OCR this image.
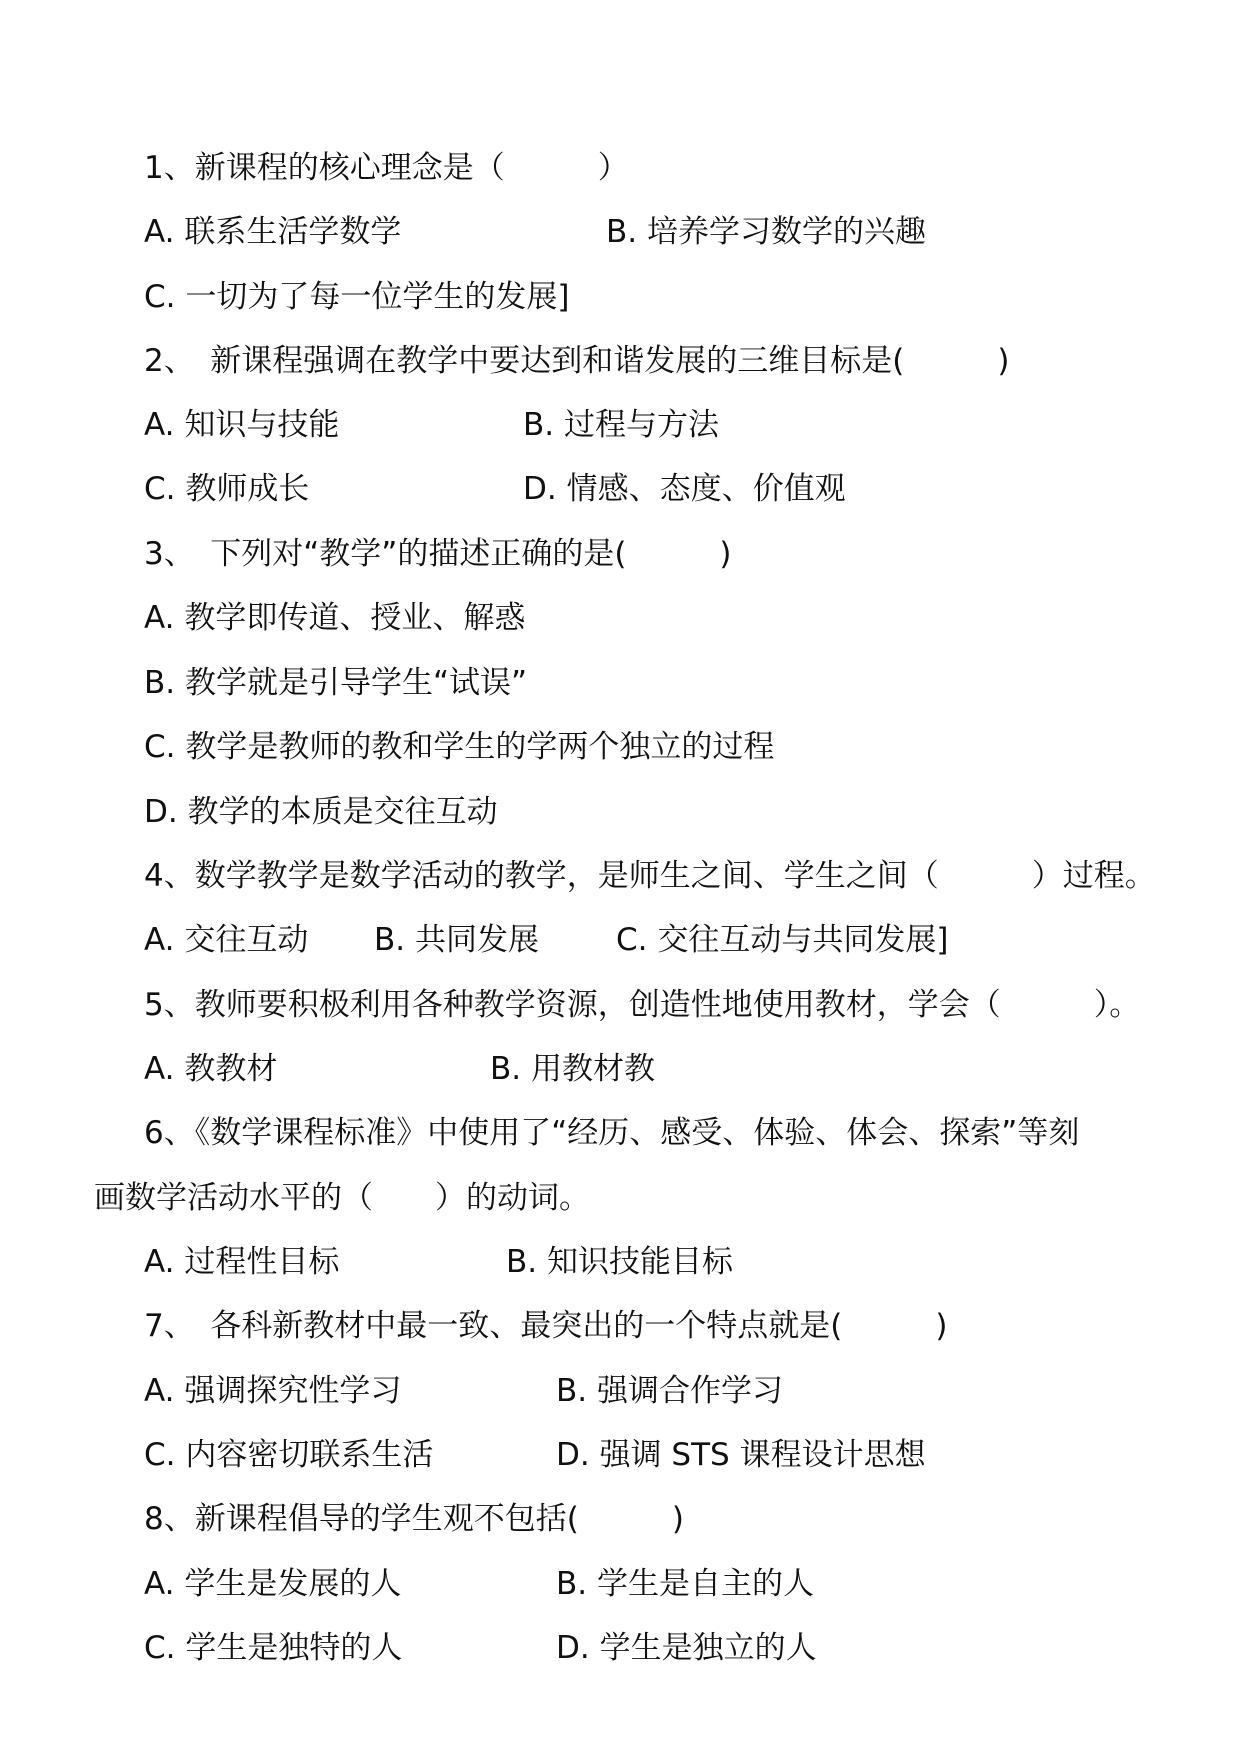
1、新课程的核心理念是（　　　）
A. 联系生活学数学	B. 培养学习数学的兴趣
C. 一切为了每一位学生的发展]
2、　新课程强调在教学中要达到和谐发展的三维目标是(　　　)
A. 知识与技能	B. 过程与方法
C. 教师成长	D. 情感、态度、价值观
3、　下列对“教学”的描述正确的是(　　　)
A. 教学即传道、授业、解惑
B. 教学就是引导学生“试误”
C. 教学是教师的教和学生的学两个独立的过程
D. 教学的本质是交往互动
4、数学教学是数学活动的教学，是师生之间、学生之间（　　　）过程。
A. 交往互动 B. 共同发展 C. 交往互动与共同发展]
5、教师要积极利用各种教学资源，创造性地使用教材，学会（　　　）。
A. 教教材	B. 用教材教
6、《数学课程标准》中使用了“经历、感受、体验、体会、探索”等刻
画数学活动水平的（　　）的动词。
A. 过程性目标	B. 知识技能目标
7、　各科新教材中最一致、最突出的一个特点就是(　　　)
A. 强调探究性学习	B. 强调合作学习
C. 内容密切联系生活	D. 强调 STS 课程设计思想
8、新课程倡导的学生观不包括(　　　)
A. 学生是发展的人	B. 学生是自主的人
C. 学生是独特的人	D. 学生是独立的人
